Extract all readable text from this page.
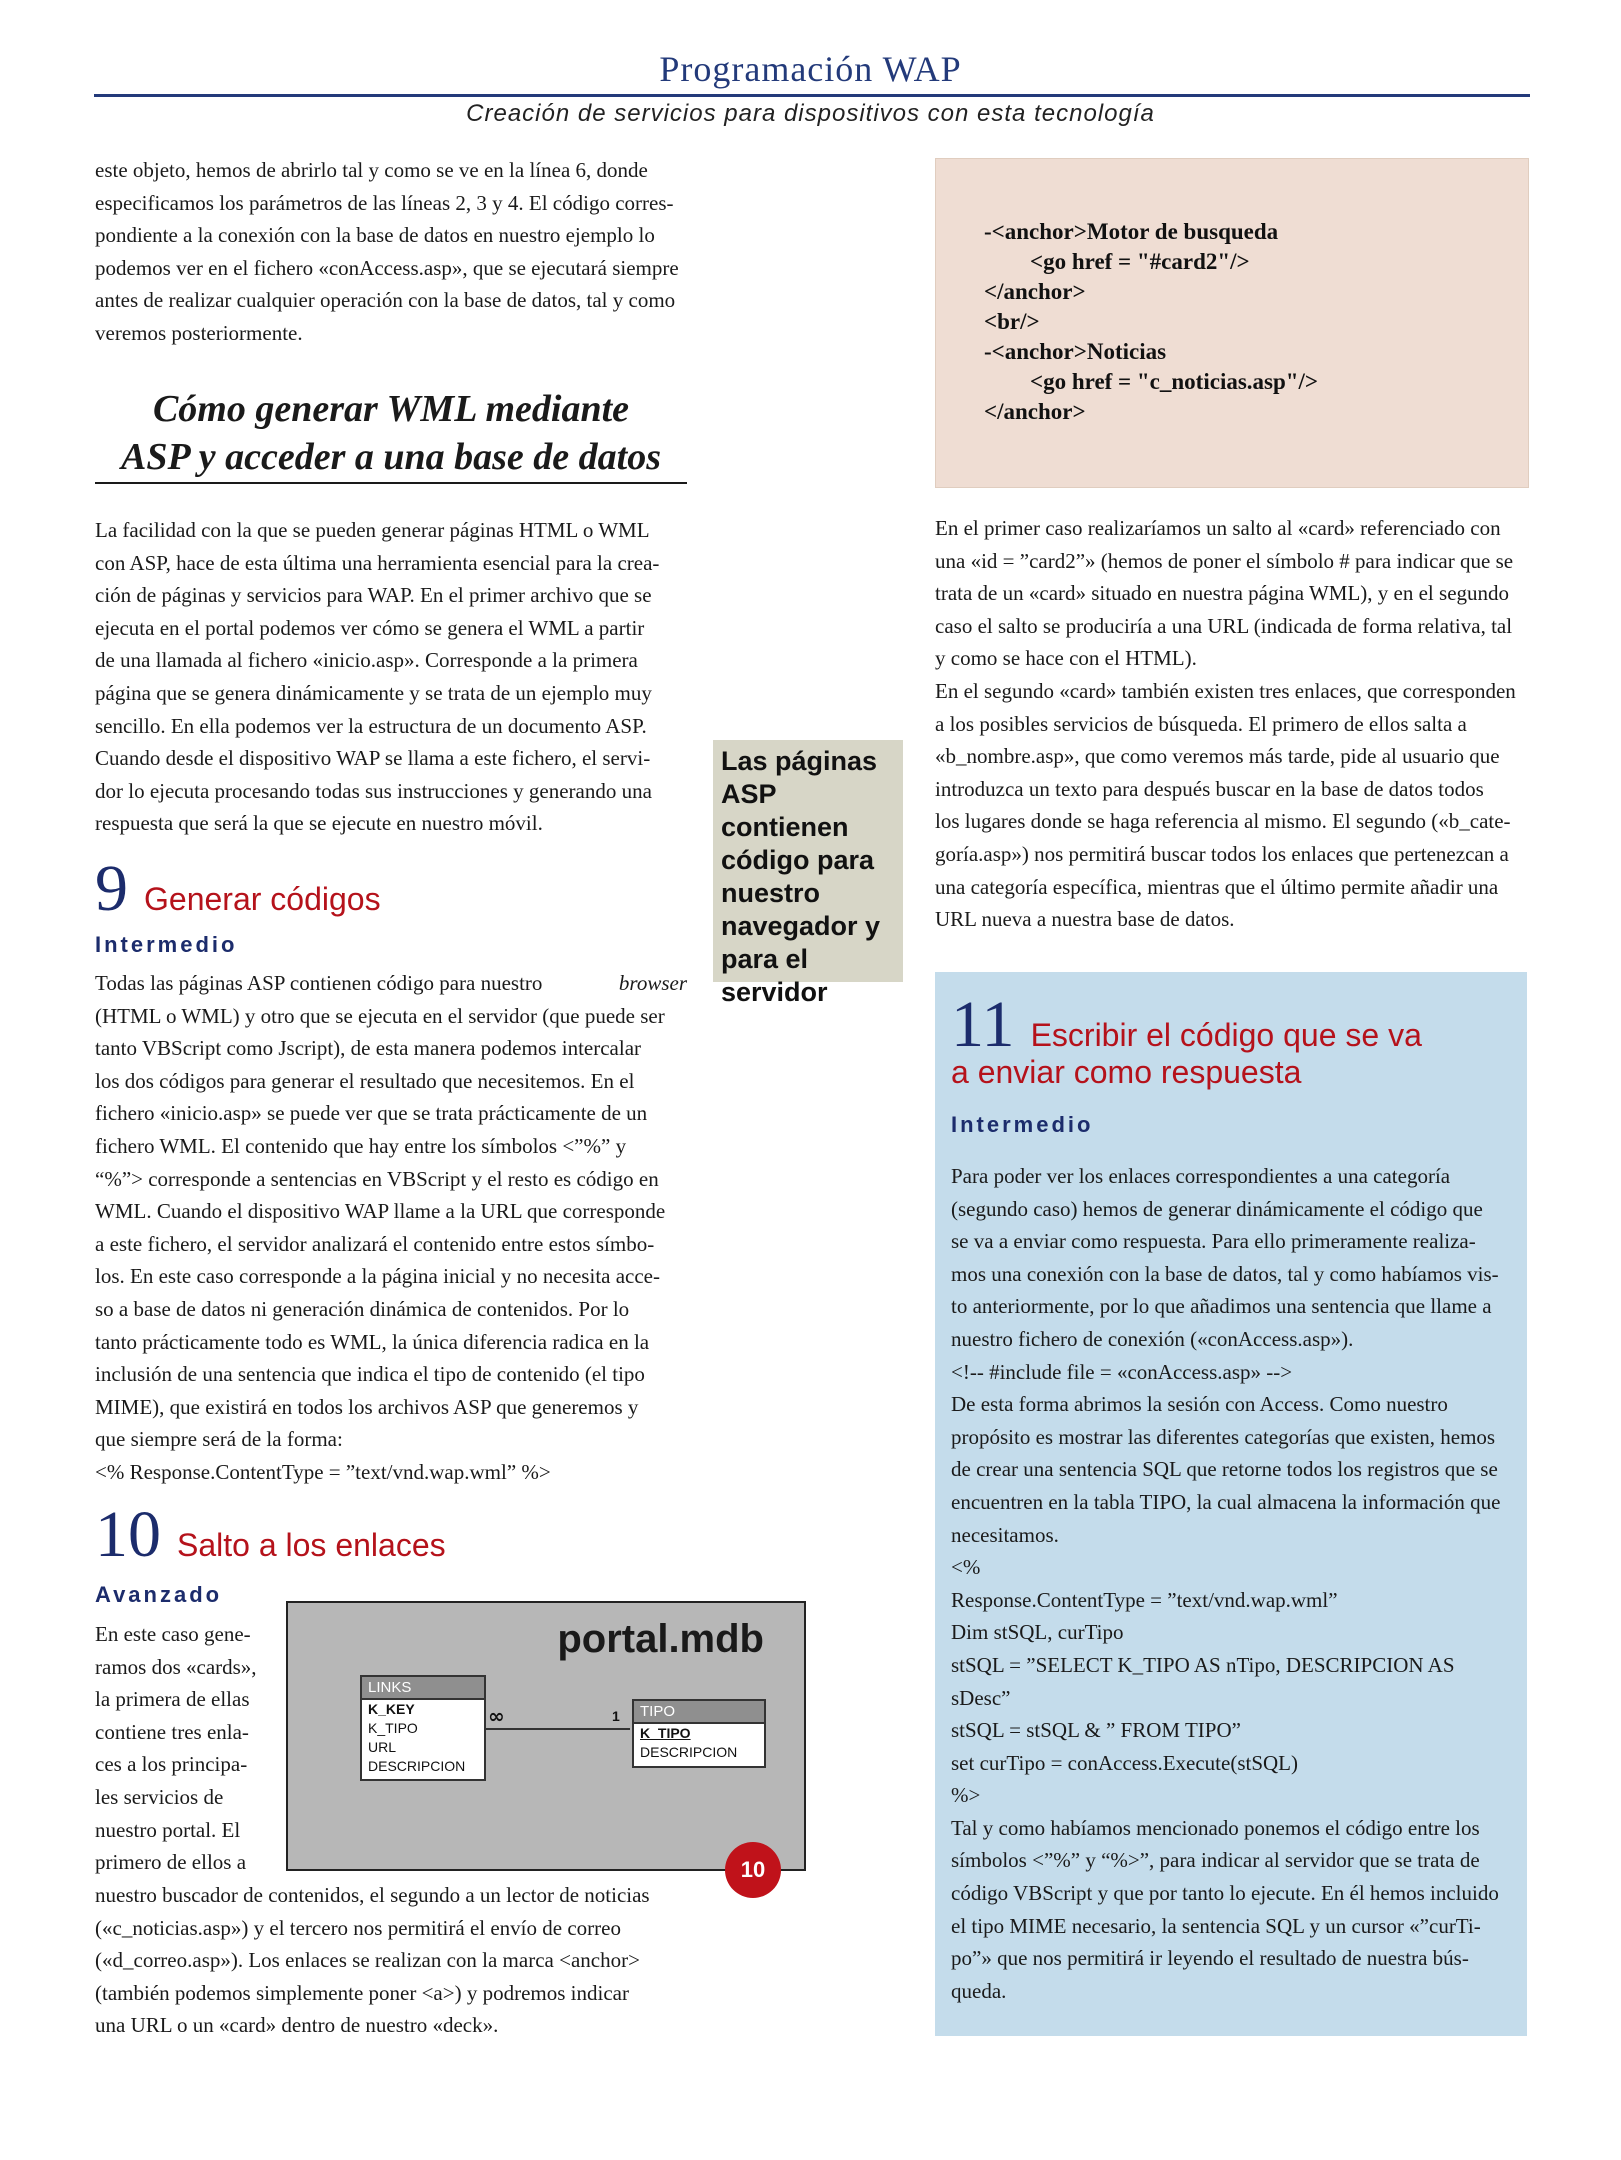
Programación WAP
Creación de servicios para dispositivos con esta tecnología

este objeto, hemos de abrirlo tal y como se ve en la línea 6, donde

especificamos los parámetros de las líneas 2, 3 y 4. El código corres-

pondiente a la conexión con la base de datos en nuestro ejemplo lo

podemos ver en el fichero «conAccess.asp», que se ejecutará siempre

antes de realizar cualquier operación con la base de datos, tal y como

veremos posteriormente.

Cómo generar WML mediante
ASP y acceder a una base de datos

La facilidad con la que se pueden generar páginas HTML o WML

con ASP, hace de esta última una herramienta esencial para la crea-

ción de páginas y servicios para WAP. En el primer archivo que se

ejecuta en el portal podemos ver cómo se genera el WML a partir

de una llamada al fichero «inicio.asp». Corresponde a la primera

página que se genera dinámicamente y se trata de un ejemplo muy

sencillo. En ella podemos ver la estructura de un documento ASP.

Cuando desde el dispositivo WAP se llama a este fichero, el servi-

dor lo ejecuta procesando todas sus instrucciones y generando una

respuesta que será la que se ejecute en nuestro móvil.

9 Generar códigos
Intermedio

Todas las páginas ASP contienen código para nuestro	browser

(HTML o WML) y otro que se ejecuta en el servidor (que puede ser

tanto VBScript como Jscript), de esta manera podemos intercalar

los dos códigos para generar el resultado que necesitemos. En el

fichero «inicio.asp» se puede ver que se trata prácticamente de un

fichero WML. El contenido que hay entre los símbolos <”%” y

“%”> corresponde a sentencias en VBScript y el resto es código en

WML. Cuando el dispositivo WAP llame a la URL que corresponde

a este fichero, el servidor analizará el contenido entre estos símbo-

los. En este caso corresponde a la página inicial y no necesita acce-

so a base de datos ni generación dinámica de contenidos. Por lo

tanto prácticamente todo es WML, la única diferencia radica en la

inclusión de una sentencia que indica el tipo de contenido (el tipo

MIME), que existirá en todos los archivos ASP que generemos y

que siempre será de la forma:

<% Response.ContentType = ”text/vnd.wap.wml” %>

10 Salto a los enlaces
Avanzado

En este caso gene-

ramos dos «cards»,

la primera de ellas

contiene tres enla-

ces a los principa-

les servicios de

nuestro portal. El

primero de ellos a

nuestro buscador de contenidos, el segundo a un lector de noticias

(«c_noticias.asp») y el tercero nos permitirá el envío de correo

(«d_correo.asp»). Los enlaces se realizan con la marca <anchor>

(también podemos simplemente poner <a>) y podremos indicar

una URL o un «card» dentro de nuestro «deck».

portal.mdb
LINKS
K_KEY
K_TIPO
URL
DESCRIPCION
TIPO
K_TIPO
DESCRIPCION
∞	1
10
Las páginas
ASP contienen
código para
nuestro
navegador y
para el
servidor
-<anchor>Motor de busqueda
<go href = "#card2"/>
</anchor>
<br/>
-<anchor>Noticias
<go href = "c_noticias.asp"/>
</anchor>

En el primer caso realizaríamos un salto al «card» referenciado con

una «id = ”card2”» (hemos de poner el símbolo # para indicar que se

trata de un «card» situado en nuestra página WML), y en el segundo

caso el salto se produciría a una URL (indicada de forma relativa, tal

y como se hace con el HTML).

En el segundo «card» también existen tres enlaces, que corresponden

a los posibles servicios de búsqueda. El primero de ellos salta a

«b_nombre.asp», que como veremos más tarde, pide al usuario que

introduzca un texto para después buscar en la base de datos todos

los lugares donde se haga referencia al mismo. El segundo («b_cate-

goría.asp») nos permitirá buscar todos los enlaces que pertenezcan a

una categoría específica, mientras que el último permite añadir una

URL nueva a nuestra base de datos.

11 Escribir el código que se va
a enviar como respuesta
Intermedio

Para poder ver los enlaces correspondientes a una categoría

(segundo caso) hemos de generar dinámicamente el código que

se va a enviar como respuesta. Para ello primeramente realiza-

mos una conexión con la base de datos, tal y como habíamos vis-

to anteriormente, por lo que añadimos una sentencia que llame a

nuestro fichero de conexión («conAccess.asp»).

<!-- #include file = «conAccess.asp» -->

De esta forma abrimos la sesión con Access. Como nuestro

propósito es mostrar las diferentes categorías que existen, hemos

de crear una sentencia SQL que retorne todos los registros que se

encuentren en la tabla TIPO, la cual almacena la información que

necesitamos.

<%

Response.ContentType = ”text/vnd.wap.wml”

Dim stSQL, curTipo

stSQL = ”SELECT K_TIPO AS nTipo, DESCRIPCION AS sDesc”

stSQL = stSQL & ” FROM TIPO”

set curTipo = conAccess.Execute(stSQL)

%>

Tal y como habíamos mencionado ponemos el código entre los

símbolos <”%” y “%>”, para indicar al servidor que se trata de

código VBScript y que por tanto lo ejecute. En él hemos incluido

el tipo MIME necesario, la sentencia SQL y un cursor «”curTi-

po”» que nos permitirá ir leyendo el resultado de nuestra bús-

queda.
